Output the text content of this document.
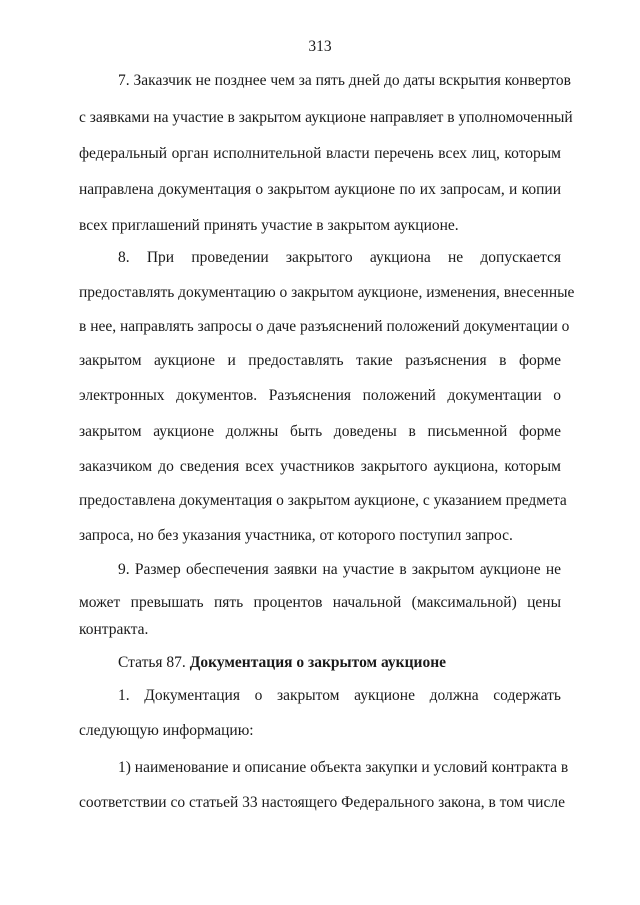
313
7. Заказчик не позднее чем за пять дней до даты вскрытия конвертов
с заявками на участие в закрытом аукционе направляет в уполномоченный
федеральный орган исполнительной власти перечень всех лиц, которым
направлена документация о закрытом аукционе по их запросам, и копии
всех приглашений принять участие в закрытом аукционе.
8. При проведении закрытого аукциона не допускается
предоставлять документацию о закрытом аукционе, изменения, внесенные
в нее, направлять запросы о даче разъяснений положений документации о
закрытом аукционе и предоставлять такие разъяснения в форме
электронных документов. Разъяснения положений документации о
закрытом аукционе должны быть доведены в письменной форме
заказчиком до сведения всех участников закрытого аукциона, которым
предоставлена документация о закрытом аукционе, с указанием предмета
запроса, но без указания участника, от которого поступил запрос.
9. Размер обеспечения заявки на участие в закрытом аукционе не
может превышать пять процентов начальной (максимальной) цены
контракта.
1. Документация о закрытом аукционе должна содержать
следующую информацию:
1) наименование и описание объекта закупки и условий контракта в
соответствии со статьей 33 настоящего Федерального закона, в том числе
Статья 87. Документация о закрытом аукционе
